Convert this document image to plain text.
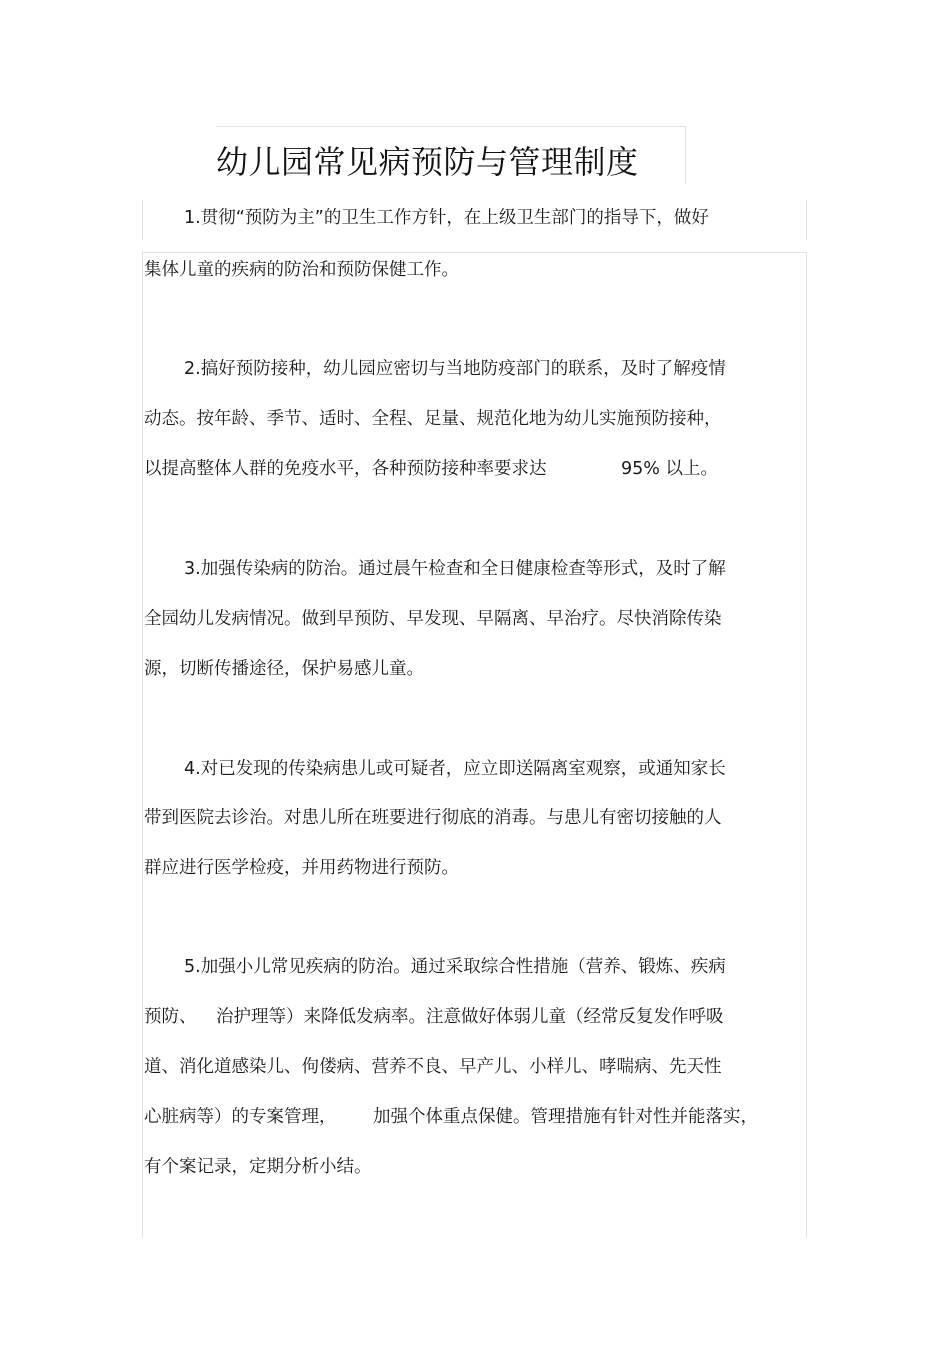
幼儿园常见病预防与管理制度
1.贯彻“预防为主”的卫生工作方针，在上级卫生部门的指导下，做好
集体儿童的疾病的防治和预防保健工作。
2.搞好预防接种，幼儿园应密切与当地防疫部门的联系，及时了解疫情
动态。按年龄、季节、适时、全程、足量、规范化地为幼儿实施预防接种，
以提高整体人群的免疫水平，各种预防接种率要求达	95% 以上。
3.加强传染病的防治。通过晨午检查和全日健康检查等形式，及时了解
全园幼儿发病情况。做到早预防、早发现、早隔离、早治疗。尽快消除传染
源，切断传播途径，保护易感儿童。
4.对已发现的传染病患儿或可疑者，应立即送隔离室观察，或通知家长
带到医院去诊治。对患儿所在班要进行彻底的消毒。与患儿有密切接触的人
群应进行医学检疫，并用药物进行预防。
5.加强小儿常见疾病的防治。通过采取综合性措施（营养、锻炼、疾病
预防、 治护理等）来降低发病率。注意做好体弱儿童（经常反复发作呼吸
道、消化道感染儿、佝偻病、营养不良、早产儿、小样儿、哮喘病、先天性
心脏病等）的专案管理， 加强个体重点保健。管理措施有针对性并能落实，
有个案记录，定期分析小结。
